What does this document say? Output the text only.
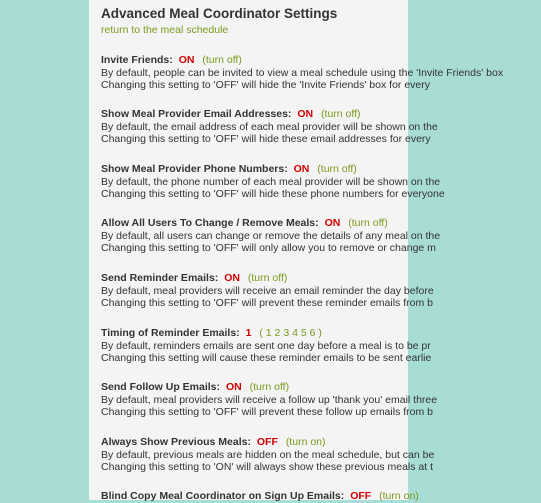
Advanced Meal Coordinator Settings
return to the meal schedule
Invite Friends: ON (turn off)
By default, people can be invited to view a meal schedule using the 'Invite Friends' box
Changing this setting to 'OFF' will hide the 'Invite Friends' box for every
Show Meal Provider Email Addresses: ON (turn off)
By default, the email address of each meal provider will be shown on the
Changing this setting to 'OFF' will hide these email addresses for every
Show Meal Provider Phone Numbers: ON (turn off)
By default, the phone number of each meal provider will be shown on the
Changing this setting to 'OFF' will hide these phone numbers for everyone
Allow All Users To Change / Remove Meals: ON (turn off)
By default, all users can change or remove the details of any meal on the
Changing this setting to 'OFF' will only allow you to remove or change m
Send Reminder Emails: ON (turn off)
By default, meal providers will receive an email reminder the day before
Changing this setting to 'OFF' will prevent these reminder emails from b
Timing of Reminder Emails: 1 ( 1 2 3 4 5 6 )
By default, reminders emails are sent one day before a meal is to be pr
Changing this setting will cause these reminder emails to be sent earlie
Send Follow Up Emails: ON (turn off)
By default, meal providers will receive a follow up 'thank you' email three
Changing this setting to 'OFF' will prevent these follow up emails from b
Always Show Previous Meals: OFF (turn on)
By default, previous meals are hidden on the meal schedule, but can be
Changing this setting to 'ON' will always show these previous meals at t
Blind Copy Meal Coordinator on Sign Up Emails: OFF (turn on)
